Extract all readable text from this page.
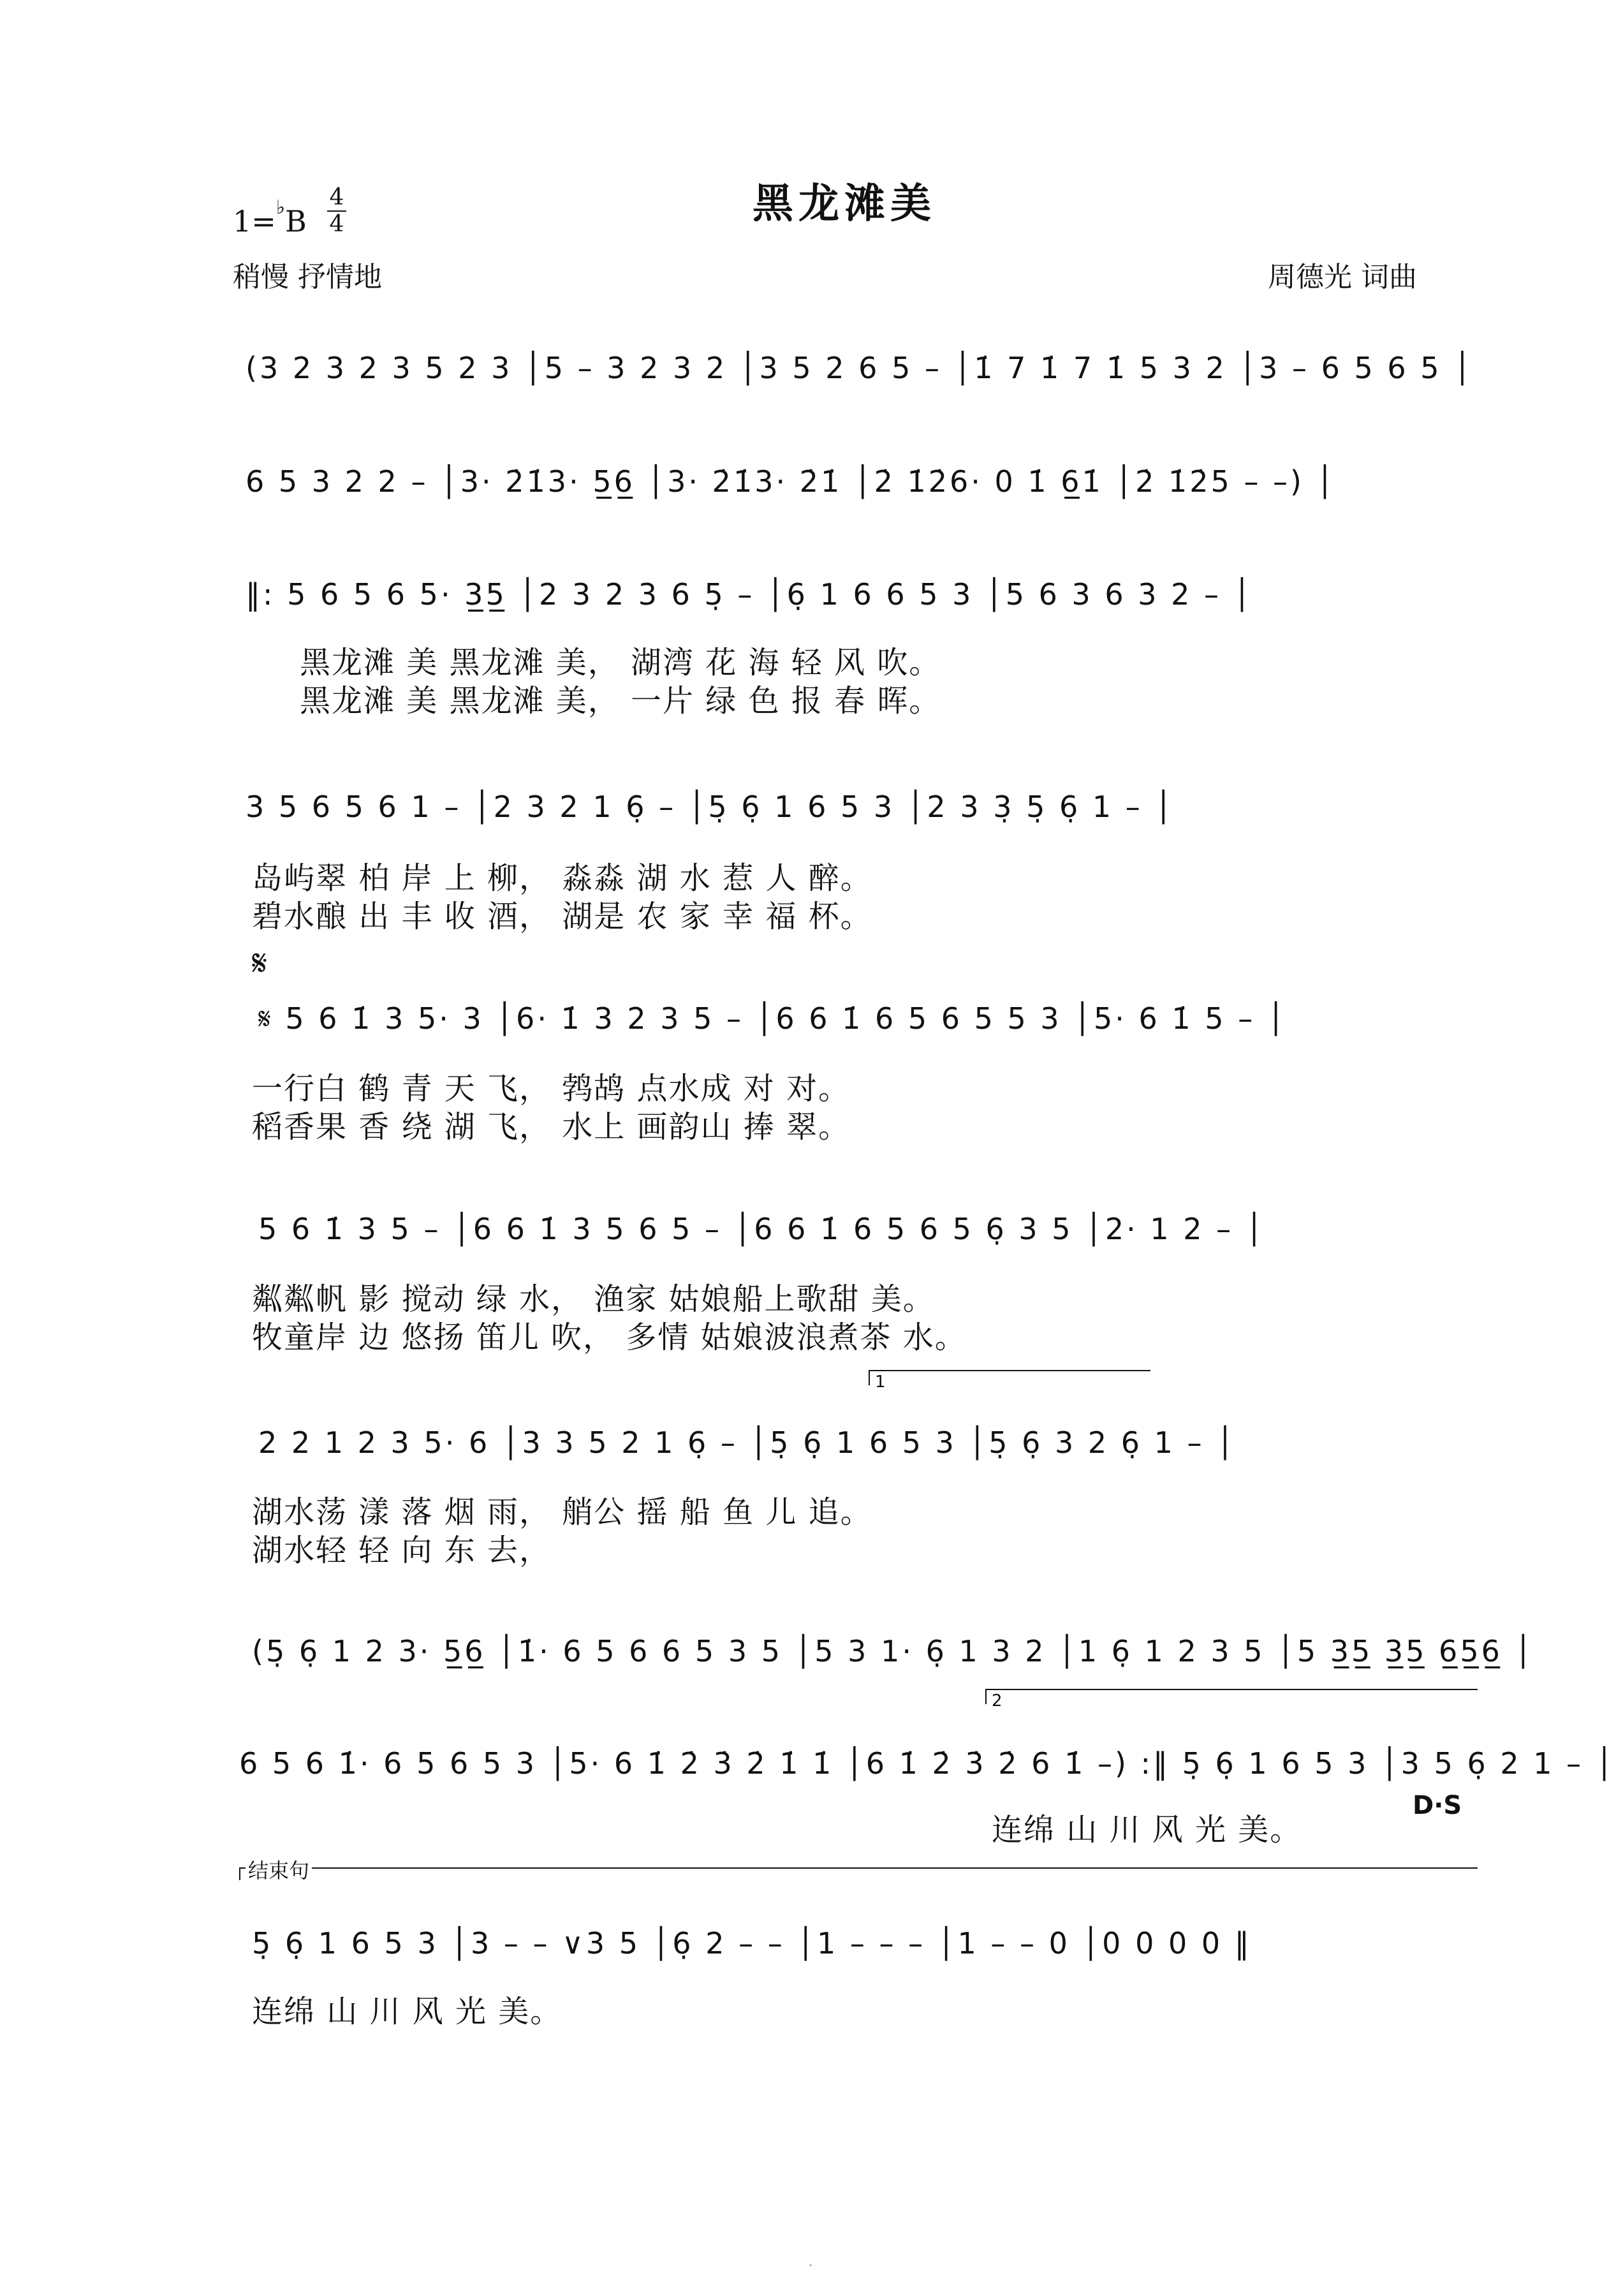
黑龙滩美
1=♭B
4
4
稍慢 抒情地	周德光 词曲
(3 2 3 2 3 5 2 3 │5 – 3 2 3 2 │3 5 2 6 5 – │1̇ 7 1̇ 7 1̇ 5 3 2 │3 – 6 5 6 5 │
6 5 3 2 2 – │3· 2̇1̇3· 5̲6̲ │3· 2̇1̇3· 2̇1̇ │2̇ 1̇2̇6· 0 1̇ 6̲1̇ │2̇ 1̇2̇5 – –) │
‖: 5 6 5 6 5· 3̲5̲ │2 3 2 3 6 5̣ – │6̣ 1 6 6 5 3 │5 6 3 6 3 2 – │
黑龙滩 美 黑龙滩 美， 湖湾 花 海 轻 风 吹。
黑龙滩 美 黑龙滩 美， 一片 绿 色 报 春 晖。
3 5 6 5 6 1 – │2 3 2 1 6̣ – │5̣ 6̣ 1 6 5 3 │2 3 3̣ 5̣ 6̣ 1 – │
岛屿翠 柏 岸 上 柳， 淼淼 湖 水 惹 人 醉。
碧水酿 出 丰 收 酒， 湖是 农 家 幸 福 杯。
𝄋
𝄋 5 6 1̇ 3 5· 3 │6· 1̇ 3 2 3 5 – │6 6 1̇ 6 5 6 5 5 3 │5· 6 1̇ 5 – │
一行白 鹤 青 天 飞， 鹁鸪 点水成 对 对。
稻香果 香 绕 湖 飞， 水上 画韵山 捧 翠。
5 6 1̇ 3 5 – │6 6 1̇ 3 5 6 5 – │6 6 1̇ 6 5 6 5 6̣ 3 5 │2· 1 2 – │
粼粼帆 影 搅动 绿 水， 渔家 姑娘船上歌甜 美。
牧童岸 边 悠扬 笛儿 吹， 多情 姑娘波浪煮茶 水。
1
2 2 1 2 3 5· 6 │3 3 5 2 1 6̣ – │5̣ 6̣ 1 6 5 3 │5̣ 6̣ 3 2 6̣ 1 – │
湖水荡 漾 落 烟 雨， 艄公 摇 船 鱼 儿 追。
湖水轻 轻 向 东 去，
(5̣ 6̣ 1 2 3· 5̲6̲ │1̇· 6 5 6 6 5 3 5 │5 3 1· 6̣ 1 3 2 │1 6̣ 1 2 3 5 │5 3̲5̲ 3̲5̲ 6̲5̲6̲ │
2
6 5 6 1̇· 6 5 6 5 3 │5· 6 1̇ 2̇ 3̇ 2̇ 1̇ 1̇ │6 1̇ 2̇ 3̇ 2̇ 6 1̇ –) :‖ 5̣ 6̣ 1 6 5 3 │3 5 6̣ 2 1 – │
连绵 山 川 风 光 美。
D·S
结束句
5̣ 6̣ 1 6 5 3 │3 – – ∨3 5 │6̣ 2 – – │1 – – – │1 – – 0 │0 0 0 0 ‖
连绵 山 川 风 光 美。
·
